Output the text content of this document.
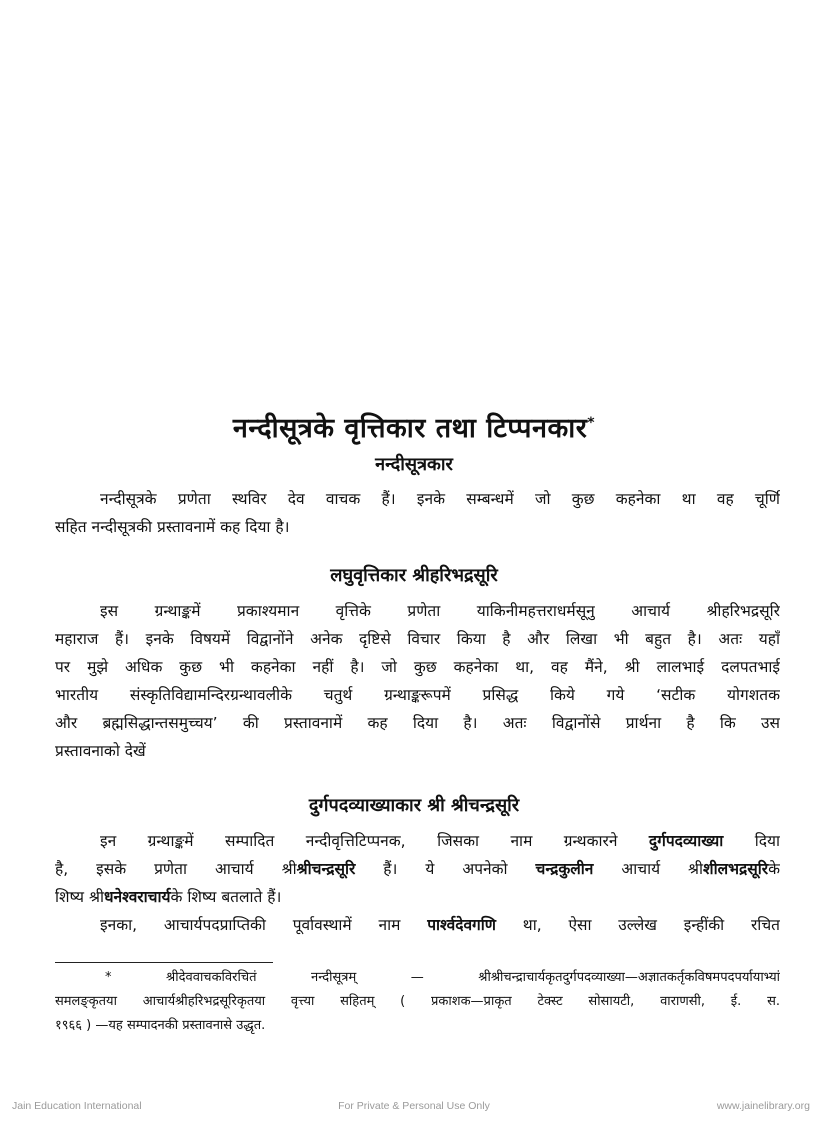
नन्दीसूत्रके वृत्तिकार तथा टिप्पनकार*
नन्दीसूत्रकार
नन्दीसूत्रके प्रणेता स्थविर देव वाचक हैं। इनके सम्बन्धमें जो कुछ कहनेका था वह चूर्णि
सहित नन्दीसूत्रकी प्रस्तावनामें कह दिया है।
लघुवृत्तिकार श्रीहरिभद्रसूरि
इस ग्रन्थाङ्कमें प्रकाश्यमान वृत्तिके प्रणेता याकिनीमहत्तराधर्मसूनु आचार्य श्रीहरिभद्रसूरि
महाराज हैं। इनके विषयमें विद्वानोंने अनेक दृष्टिसे विचार किया है और लिखा भी बहुत है। अतः यहाँ
पर मुझे अधिक कुछ भी कहनेका नहीं है। जो कुछ कहनेका था, वह मैंने, श्री लालभाई दलपतभाई
भारतीय संस्कृतिविद्यामन्दिरग्रन्थावलीके चतुर्थ ग्रन्थाङ्करूपमें प्रसिद्ध किये गये ‘सटीक योगशतक
और ब्रह्मसिद्धान्तसमुच्चय’ की प्रस्तावनामें कह दिया है। अतः विद्वानोंसे प्रार्थना है कि उस
प्रस्तावनाको देखें
दुर्गपदव्याख्याकार श्री श्रीचन्द्रसूरि
इन ग्रन्थाङ्कमें सम्पादित नन्दीवृत्तिटिप्पनक, जिसका नाम ग्रन्थकारने दुर्गपदव्याख्या दिया
है, इसके प्रणेता आचार्य श्रीश्रीचन्द्रसूरि हैं। ये अपनेको चन्द्रकुलीन आचार्य श्रीशीलभद्रसूरिके
शिष्य श्रीधनेश्वराचार्यके शिष्य बतलाते हैं।
इनका, आचार्यपदप्राप्तिकी पूर्वावस्थामें नाम पार्श्वदेवगणि था, ऐसा उल्लेख इन्हींकी रचित
* श्रीदेववाचकविरचितं नन्दीसूत्रम् — श्रीश्रीचन्द्राचार्यकृतदुर्गपदव्याख्या—अज्ञातकर्तृकविषमपदपर्यायाभ्यां
समलङ्कृतया आचार्यश्रीहरिभद्रसूरिकृतया वृत्त्या सहितम् ( प्रकाशक—प्राकृत टेक्स्ट सोसायटी, वाराणसी, ई. स.
१९६६ ) —यह सम्पादनकी प्रस्तावनासे उद्धृत.
Jain Education International	For Private & Personal Use Only	www.jainelibrary.org
